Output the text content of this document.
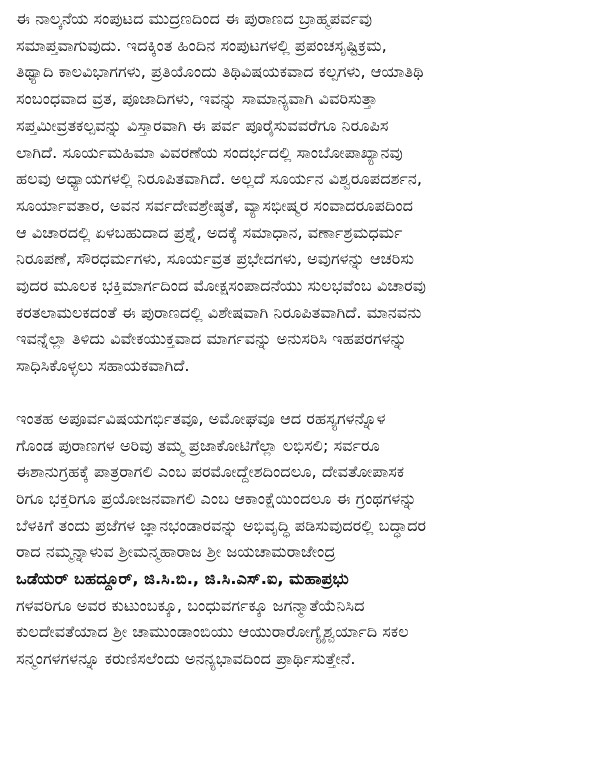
ಈ ನಾಲ್ಕನೆಯ ಸಂಪುಟದ ಮುದ್ರಣದಿಂದ ಈ ಪುರಾಣದ ಬ್ರಾಹ್ಮಪರ್ವವು

ಸಮಾಪ್ತವಾಗುವುದು. ಇದಕ್ಕಿಂತ ಹಿಂದಿನ ಸಂಪುಟಗಳಲ್ಲಿ ಪ್ರಪಂಚಸೃಷ್ಟಿಕ್ರಮ,

ತಿಥ್ಯಾದಿ ಕಾಲವಿಭಾಗಗಳು, ಪ್ರತಿಯೊಂದು ತಿಥಿವಿಷಯಕವಾದ ಕಲ್ಪಗಳು, ಆಯಾತಿಥಿ

ಸಂಬಂಧವಾದ ವ್ರತ, ಪೂಜಾದಿಗಳು, ಇವನ್ನು ಸಾಮಾನ್ಯವಾಗಿ ವಿವರಿಸುತ್ತಾ

ಸಪ್ತಮೀವ್ರತಕಲ್ಪವನ್ನು ವಿಸ್ತಾರವಾಗಿ ಈ ಪರ್ವ ಪೂರೈಸುವವರೆಗೂ ನಿರೂಪಿಸ

ಲಾಗಿದೆ. ಸೂರ್ಯಮಹಿಮಾ ವಿವರಣೆಯ ಸಂದರ್ಭದಲ್ಲಿ ಸಾಂಬೋಪಾಖ್ಯಾನವು

ಹಲವು ಅಧ್ಯಾಯಗಳಲ್ಲಿ ನಿರೂಪಿತವಾಗಿದೆ. ಅಲ್ಲದೆ ಸೂರ್ಯನ ವಿಶ್ವರೂಪದರ್ಶನ,

ಸೂರ್ಯಾವತಾರ, ಅವನ ಸರ್ವದೇವಶ್ರೇಷ್ಠತೆ, ವ್ಯಾಸಭೀಷ್ಮರ ಸಂವಾದರೂಪದಿಂದ

ಆ ವಿಚಾರದಲ್ಲಿ ಏಳಬಹುದಾದ ಪ್ರಶ್ನೆ, ಅದಕ್ಕೆ ಸಮಾಧಾನ, ವರ್ಣಾಶ್ರಮಧರ್ಮ

ನಿರೂಪಣೆ, ಸೌರಧರ್ಮಗಳು, ಸೂರ್ಯವ್ರತ ಪ್ರಭೇದಗಳು, ಅವುಗಳನ್ನು ಆಚರಿಸು

ವುದರ ಮೂಲಕ ಭಕ್ತಿಮಾರ್ಗದಿಂದ ಮೋಕ್ಷಸಂಪಾದನೆಯು ಸುಲಭವೆಂಬ ವಿಚಾರವು

ಕರತಲಾಮಲಕದಂತೆ ಈ ಪುರಾಣದಲ್ಲಿ ವಿಶೇಷವಾಗಿ ನಿರೂಪಿತವಾಗಿದೆ. ಮಾನವನು

ಇವನ್ನೆಲ್ಲಾ ತಿಳಿದು ವಿವೇಕಯುಕ್ತವಾದ ಮಾರ್ಗವನ್ನು ಅನುಸರಿಸಿ ಇಹಪರಗಳನ್ನು

ಸಾಧಿಸಿಕೊಳ್ಳಲು ಸಹಾಯಕವಾಗಿದೆ.

ಇಂತಹ ಅಪೂರ್ವವಿಷಯಗರ್ಭಿತವೂ, ಅಮೋಘವೂ ಆದ ರಹಸ್ಯಗಳನ್ನೊಳ

ಗೊಂಡ ಪುರಾಣಗಳ ಅರಿವು ತಮ್ಮ ಪ್ರಜಾಕೋಟಿಗೆಲ್ಲಾ ಲಭಿಸಲಿ; ಸರ್ವರೂ

ಈಶಾನುಗ್ರಹಕ್ಕೆ ಪಾತ್ರರಾಗಲಿ ಎಂಬ ಪರಮೋದ್ದೇಶದಿಂದಲೂ, ದೇವತೋಪಾಸಕ

ರಿಗೂ ಭಕ್ತರಿಗೂ ಪ್ರಯೋಜನವಾಗಲಿ ಎಂಬ ಆಕಾಂಕ್ಷೆಯಿಂದಲೂ ಈ ಗ್ರಂಥಗಳನ್ನು

ಬೆಳಕಿಗೆ ತಂದು ಪ್ರಜೆಗಳ ಜ್ಞಾನಭಂಡಾರವನ್ನು ಅಭಿವೃದ್ಧಿ ಪಡಿಸುವುದರಲ್ಲಿ ಬದ್ಧಾದರ

ರಾದ ನಮ್ಮನ್ನಾಳುವ ಶ್ರೀಮನ್ಮಹಾರಾಜ ಶ್ರೀ ಜಯಚಾಮರಾಜೇಂದ್ರ

ಒಡೆಯರ್ ಬಹದ್ದೂರ್, ಜಿ.ಸಿ.ಬಿ., ಜಿ.ಸಿ.ಎಸ್.ಐ, ಮಹಾಪ್ರಭು

ಗಳವರಿಗೂ ಅವರ ಕುಟುಂಬಕ್ಕೂ, ಬಂಧುವರ್ಗಕ್ಕೂ ಜಗನ್ಮಾತೆಯೆನಿಸಿದ

ಕುಲದೇವತೆಯಾದ ಶ್ರೀ ಚಾಮುಂಡಾಂಬಿಯು ಆಯುರಾರೋಗ್ಯೈಶ್ವರ್ಯಾದಿ ಸಕಲ

ಸನ್ಮಂಗಳಗಳನ್ನೂ ಕರುಣಿಸಲೆಂದು ಅನನ್ಯಭಾವದಿಂದ ಪ್ರಾರ್ಥಿಸುತ್ತೇನೆ.
